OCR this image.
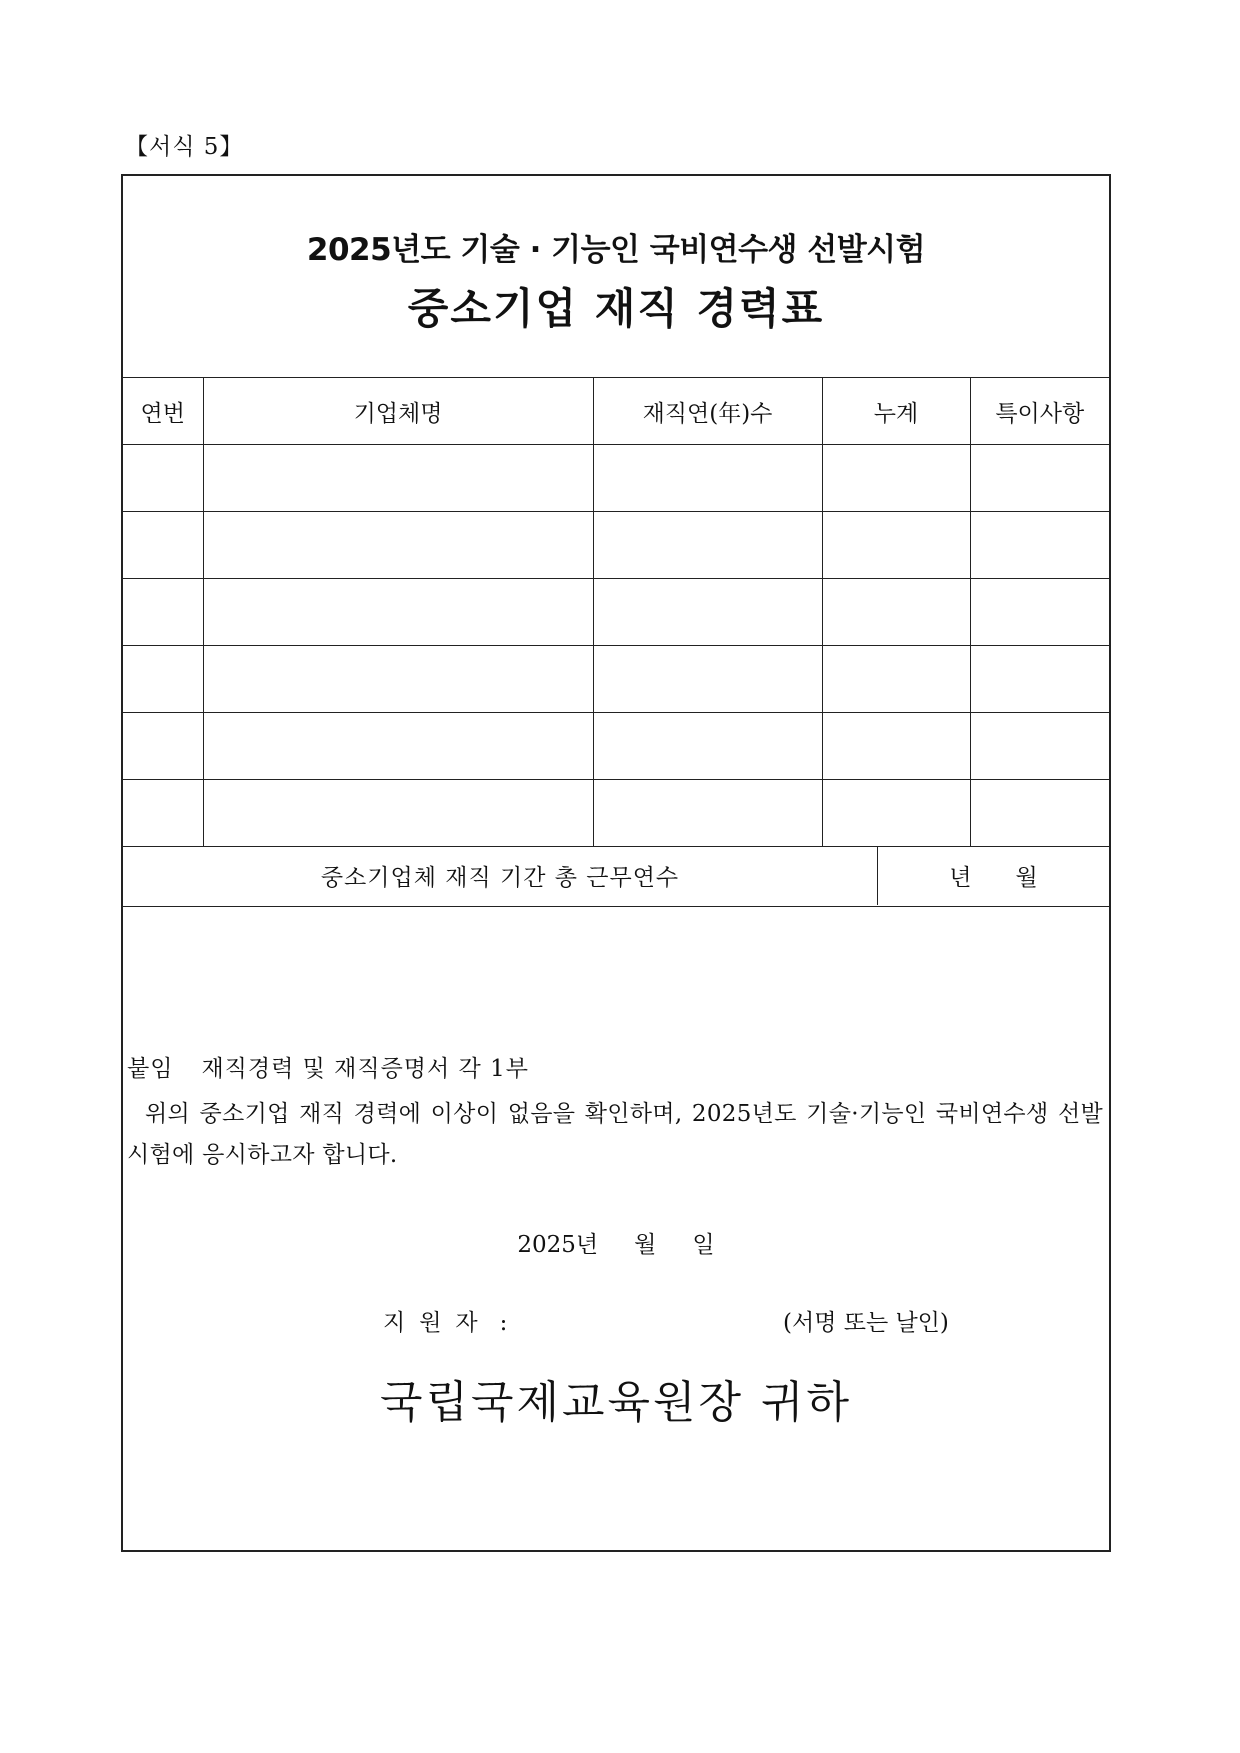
【서식 5】
2025년도 기술 · 기능인 국비연수생 선발시험
중소기업 재직 경력표
연번	기업체명	재직연(年)수	누계	특이사항

중소기업체 재직 기간 총 근무연수	년 월
붙임 재직경력 및 재직증명서 각 1부
위의 중소기업 재직 경력에 이상이 없음을 확인하며, 2025년도 기술·기능인 국비연수생 선발시험에 응시하고자 합니다.
2025년 월 일
지원자 :	(서명 또는 날인)
국립국제교육원장 귀하
